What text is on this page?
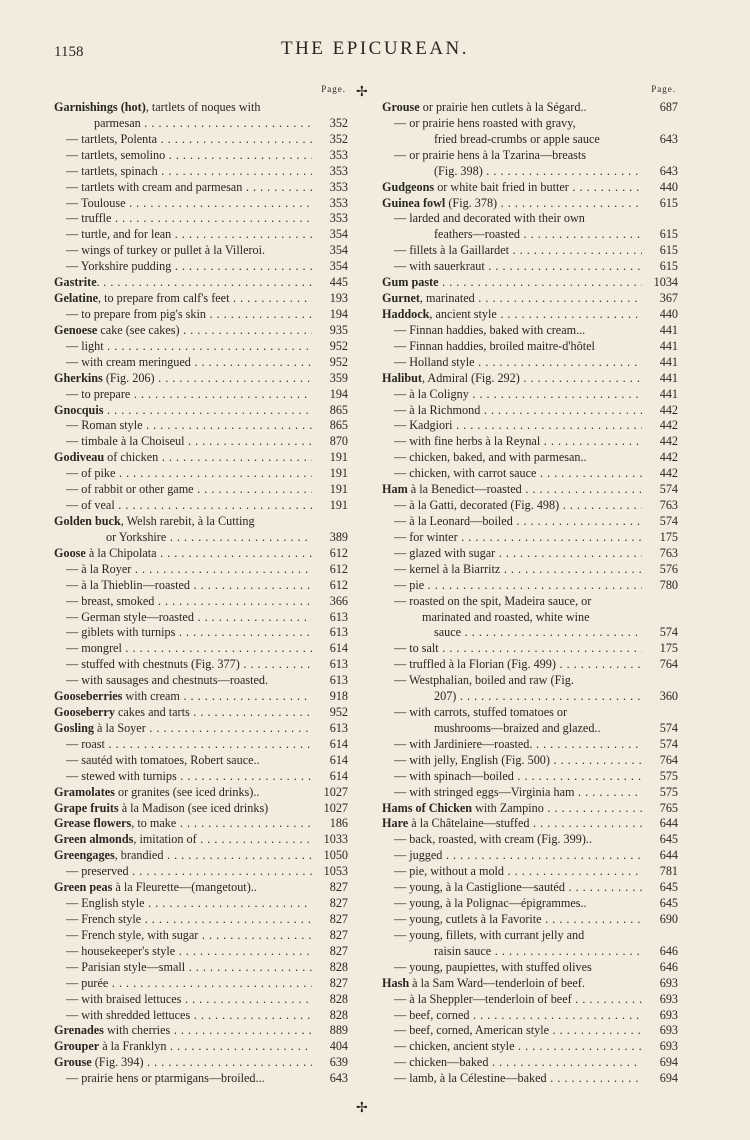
1158	THE EPICUREAN.
Page.
Garnishings (hot), tartlets of noques with
parmesan . . .	352
— tartlets, Polenta . . .	352
— tartlets, semolino . . .	353
— tartlets, spinach . . .	353
— tartlets with cream and parmesan . . .	353
— Toulouse . . .	353
— truffle . . .	353
— turtle, and for lean . . .	354
— wings of turkey or pullet à la Villeroi.	354
— Yorkshire pudding . . .	354
Gastrite. . . .	445
Gelatine, to prepare from calf's feet . . .	193
— to prepare from pig's skin . . .	194
Genoese cake (see cakes) . . .	935
— light . . .	952
— with cream meringued . . .	952
Gherkins (Fig. 206) . . .	359
— to prepare . . .	194
Gnocquis . . .	865
— Roman style . . .	865
— timbale à la Choiseul . . .	870
Godiveau of chicken . . .	191
— of pike . . .	191
— of rabbit or other game . . .	191
— of veal . . .	191
Golden buck, Welsh rarebit, à la Cutting
or Yorkshire . . .	389
Goose à la Chipolata . . .	612
— à la Royer . . .	612
— à la Thieblin—roasted . . .	612
— breast, smoked . . .	366
— German style—roasted . . .	613
— giblets with turnips . . .	613
— mongrel . . .	614
— stuffed with chestnuts (Fig. 377) . . .	613
— with sausages and chestnuts—roasted.	613
Gooseberries with cream . . .	918
Gooseberry cakes and tarts . . .	952
Gosling à la Soyer . . .	613
— roast . . .	614
— sautéd with tomatoes, Robert sauce..	614
— stewed with turnips . . .	614
Gramolates or granites (see iced drinks)..	1027
Grape fruits à la Madison (see iced drinks)	1027
Grease flowers, to make . . .	186
Green almonds, imitation of . . .	1033
Greengages, brandied . . .	1050
— preserved . . .	1053
Green peas à la Fleurette—(mangetout)..	827
— English style . . .	827
— French style . . .	827
— French style, with sugar . . .	827
— housekeeper's style . . .	827
— Parisian style—small . . .	828
— purée . . .	827
— with braised lettuces . . .	828
— with shredded lettuces . . .	828
Grenades with cherries . . .	889
Grouper à la Franklyn . . .	404
Grouse (Fig. 394) . . .	639
— prairie hens or ptarmigans—broiled...	643
✢
✢
Page.
Grouse or prairie hen cutlets à la Ségard..	687
— or prairie hens roasted with gravy,
fried bread-crumbs or apple sauce	643
— or prairie hens à la Tzarina—breasts
(Fig. 398) . . .	643
Gudgeons or white bait fried in butter . . .	440
Guinea fowl (Fig. 378) . . .	615
— larded and decorated with their own
feathers—roasted . . .	615
— fillets à la Gaillardet . . .	615
— with sauerkraut . . .	615
Gum paste . . .	1034
Gurnet, marinated . . .	367
Haddock, ancient style . . .	440
— Finnan haddies, baked with cream...	441
— Finnan haddies, broiled maitre-d'hôtel	441
— Holland style . . .	441
Halibut, Admiral (Fig. 292) . . .	441
— à la Coligny . . .	441
— à la Richmond . . .	442
— Kadgiori . . .	442
— with fine herbs à la Reynal . . .	442
— chicken, baked, and with parmesan..	442
— chicken, with carrot sauce . . .	442
Ham à la Benedict—roasted . . .	574
— à la Gatti, decorated (Fig. 498) . . .	763
— à la Leonard—boiled . . .	574
— for winter . . .	175
— glazed with sugar . . .	763
— kernel à la Biarritz . . .	576
— pie . . .	780
— roasted on the spit, Madeira sauce, or
marinated and roasted, white wine
sauce . . .	574
— to salt . . .	175
— truffled à la Florian (Fig. 499) . . .	764
— Westphalian, boiled and raw (Fig.
207) . . .	360
— with carrots, stuffed tomatoes or
mushrooms—braized and glazed..	574
— with Jardiniere—roasted. . . .	574
— with jelly, English (Fig. 500) . . .	764
— with spinach—boiled . . .	575
— with stringed eggs—Virginia ham . . .	575
Hams of Chicken with Zampino . . .	765
Hare à la Châtelaine—stuffed . . .	644
— back, roasted, with cream (Fig. 399)..	645
— jugged . . .	644
— pie, without a mold . . .	781
— young, à la Castiglione—sautéd . . .	645
— young, à la Polignac—épigrammes..	645
— young, cutlets à la Favorite . . .	690
— young, fillets, with currant jelly and
raisin sauce . . .	646
— young, paupiettes, with stuffed olives	646
Hash à la Sam Ward—tenderloin of beef.	693
— à la Sheppler—tenderloin of beef . . .	693
— beef, corned . . .	693
— beef, corned, American style . . .	693
— chicken, ancient style . . .	693
— chicken—baked . . .	694
— lamb, à la Célestine—baked . . .	694
